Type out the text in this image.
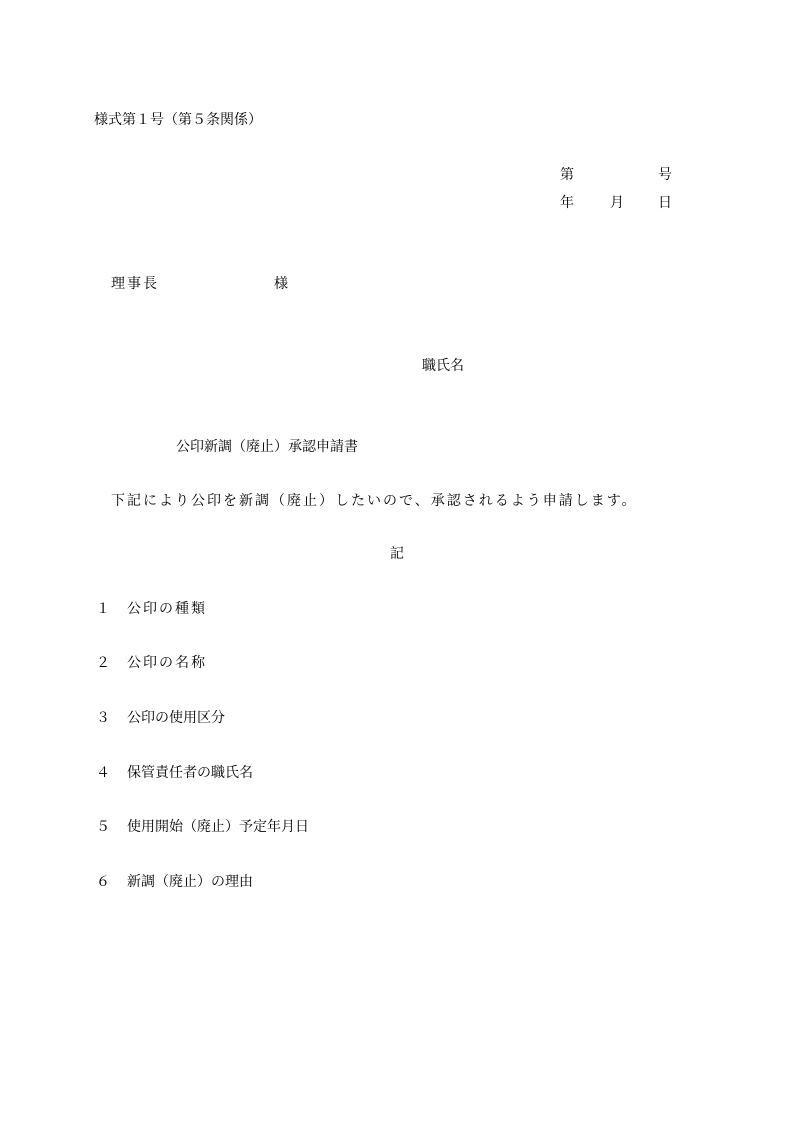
様式第１号（第５条関係）
第	号
年	月 日
理事長	様
職氏名
公印新調（廃止）承認申請書
下記により公印を新調（廃止）したいので、承認されるよう申請します。
記
１ 公印の種類
２ 公印の名称
３ 公印の使用区分
４ 保管責任者の職氏名
５ 使用開始（廃止）予定年月日
６ 新調（廃止）の理由
